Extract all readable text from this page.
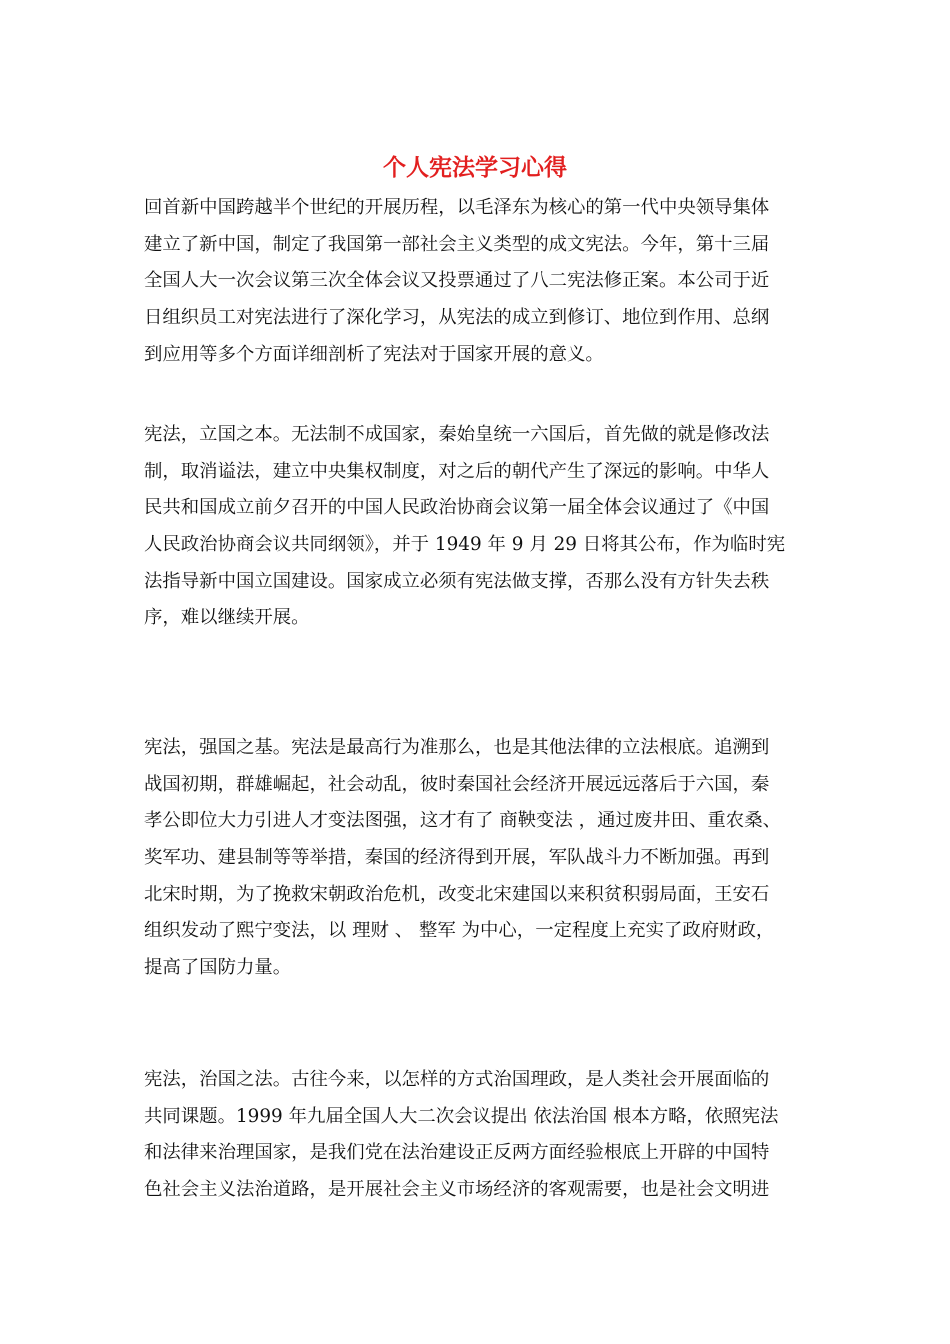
个人宪法学习心得
回首新中国跨越半个世纪的开展历程，以毛泽东为核心的第一代中央领导集体
建立了新中国，制定了我国第一部社会主义类型的成文宪法。今年，第十三届
全国人大一次会议第三次全体会议又投票通过了八二宪法修正案。本公司于近
日组织员工对宪法进行了深化学习，从宪法的成立到修订、地位到作用、总纲
到应用等多个方面详细剖析了宪法对于国家开展的意义。
宪法，立国之本。无法制不成国家，秦始皇统一六国后，首先做的就是修改法
制，取消谥法，建立中央集权制度，对之后的朝代产生了深远的影响。中华人
民共和国成立前夕召开的中国人民政治协商会议第一届全体会议通过了《中国
人民政治协商会议共同纲领》，并于 1949 年 9 月 29 日将其公布，作为临时宪
法指导新中国立国建设。国家成立必须有宪法做支撑，否那么没有方针失去秩
序，难以继续开展。
宪法，强国之基。宪法是最高行为准那么，也是其他法律的立法根底。追溯到
战国初期，群雄崛起，社会动乱，彼时秦国社会经济开展远远落后于六国，秦
孝公即位大力引进人才变法图强，这才有了 商鞅变法 ，通过废井田、重农桑、
奖军功、建县制等等举措，秦国的经济得到开展，军队战斗力不断加强。再到
北宋时期，为了挽救宋朝政治危机，改变北宋建国以来积贫积弱局面，王安石
组织发动了熙宁变法，以 理财 、 整军 为中心，一定程度上充实了政府财政，
提高了国防力量。
宪法，治国之法。古往今来，以怎样的方式治国理政，是人类社会开展面临的
共同课题。1999 年九届全国人大二次会议提出 依法治国 根本方略，依照宪法
和法律来治理国家，是我们党在法治建设正反两方面经验根底上开辟的中国特
色社会主义法治道路，是开展社会主义市场经济的客观需要，也是社会文明进
